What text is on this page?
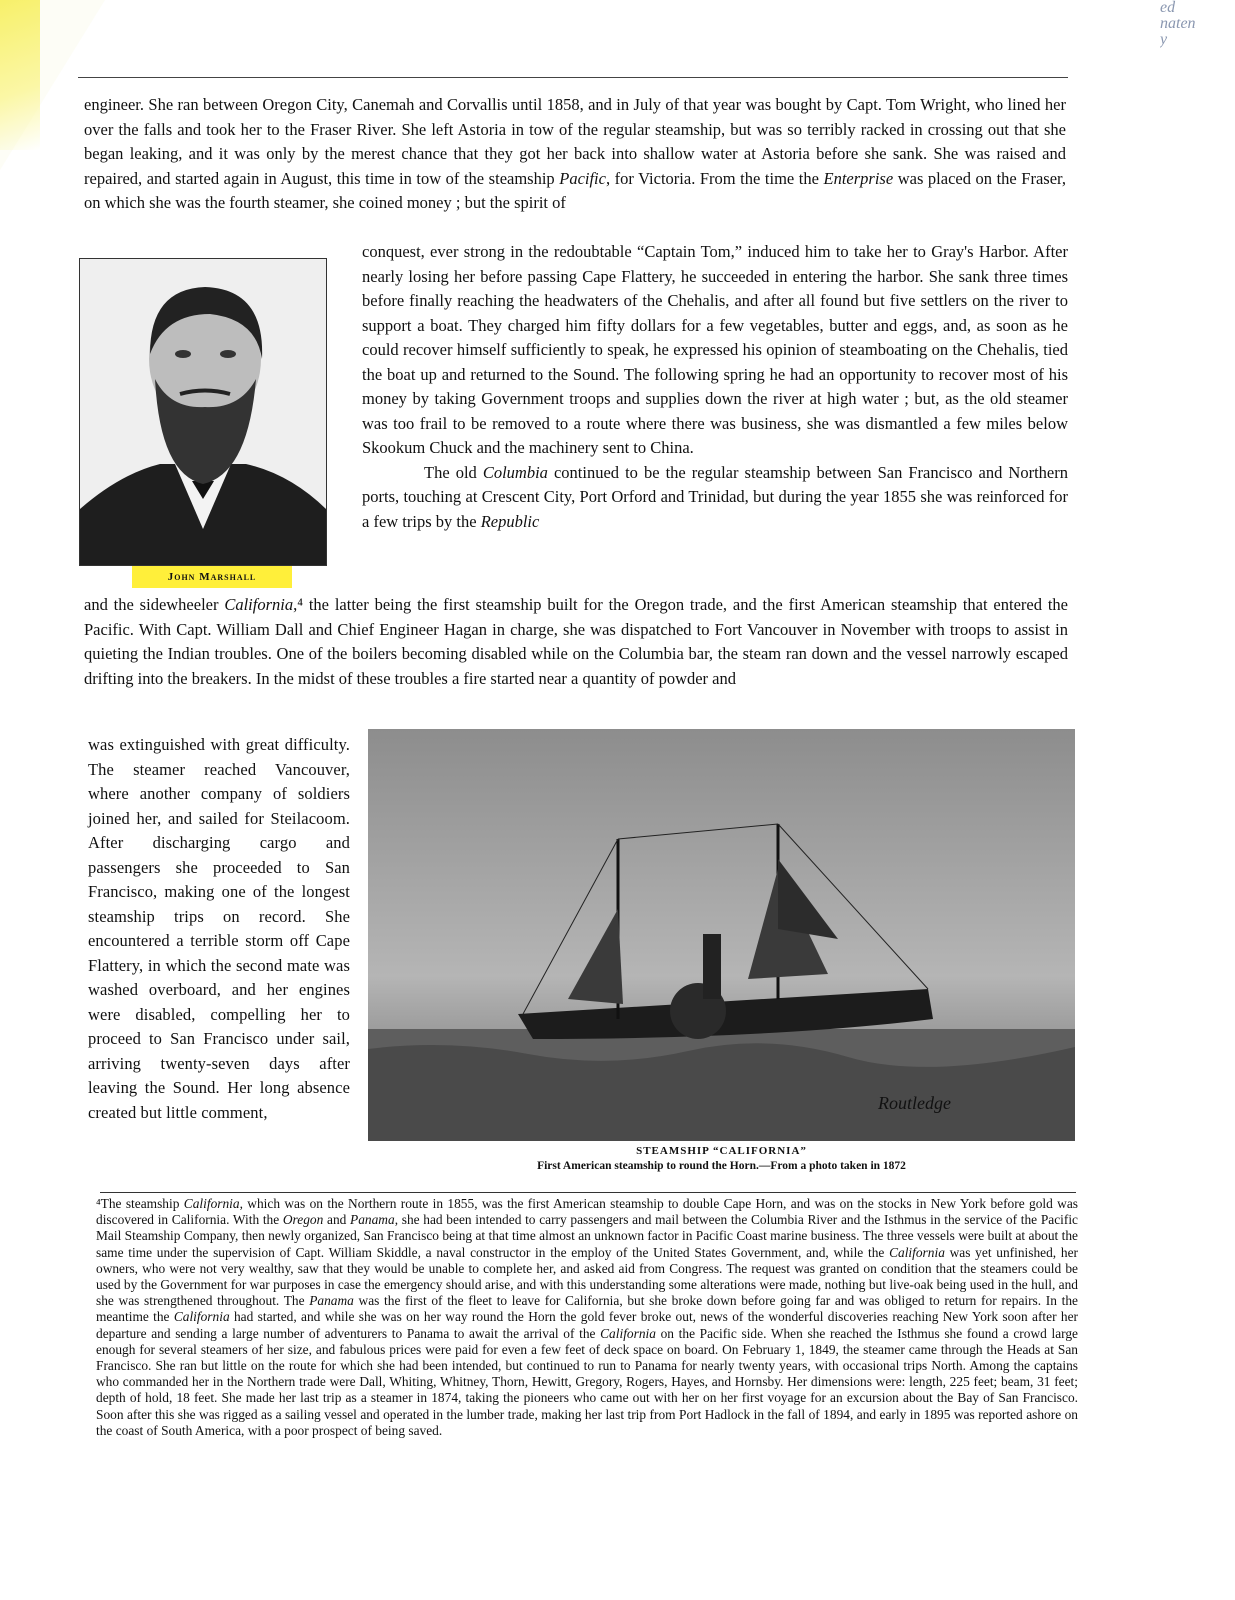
ed
naten
y

engineer. She ran between Oregon City, Canemah and Corvallis until 1858, and in July of that year was bought by Capt. Tom Wright, who lined her over the falls and took her to the Fraser River. She left Astoria in tow of the regular steamship, but was so terribly racked in crossing out that she began leaking, and it was only by the merest chance that they got her back into shallow water at Astoria before she sank. She was raised and repaired, and started again in August, this time in tow of the steamship Pacific, for Victoria. From the time the Enterprise was placed on the Fraser, on which she was the fourth steamer, she coined money ; but the spirit of

conquest, ever strong in the redoubtable “Captain Tom,” induced him to take her to Gray's Harbor. After nearly losing her before passing Cape Flattery, he succeeded in entering the harbor. She sank three times before finally reaching the headwaters of the Chehalis, and after all found but five settlers on the river to support a boat. They charged him fifty dollars for a few vegetables, butter and eggs, and, as soon as he could recover himself sufficiently to speak, he expressed his opinion of steamboating on the Chehalis, tied the boat up and returned to the Sound. The following spring he had an opportunity to recover most of his money by taking Government troops and supplies down the river at high water ; but, as the old steamer was too frail to be removed to a route where there was business, she was dismantled a few miles below Skookum Chuck and the machinery sent to China.
The old Columbia continued to be the regular steamship between San Francisco and Northern ports, touching at Crescent City, Port Orford and Trinidad, but during the year 1855 she was reinforced for a few trips by the Republic

and the sidewheeler California,⁴ the latter being the first steamship built for the Oregon trade, and the first American steamship that entered the Pacific. With Capt. William Dall and Chief Engineer Hagan in charge, she was dispatched to Fort Vancouver in November with troops to assist in quieting the Indian troubles. One of the boilers becoming disabled while on the Columbia bar, the steam ran down and the vessel narrowly escaped drifting into the breakers. In the midst of these troubles a fire started near a quantity of powder and

was extinguished with great difficulty. The steamer reached Vancouver, where another company of soldiers joined her, and sailed for Steilacoom. After discharging cargo and passengers she proceeded to San Francisco, making one of the longest steamship trips on record. She encountered a terrible storm off Cape Flattery, in which the second mate was washed overboard, and her engines were disabled, compelling her to proceed to San Francisco under sail, arriving twenty-seven days after leaving the Sound. Her long absence created but little comment,

John Marshall
Routledge
STEAMSHIP “CALIFORNIA”
First American steamship to round the Horn.—From a photo taken in 1872

⁴The steamship California, which was on the Northern route in 1855, was the first American steamship to double Cape Horn, and was on the stocks in New York before gold was discovered in California. With the Oregon and Panama, she had been intended to carry passengers and mail between the Columbia River and the Isthmus in the service of the Pacific Mail Steamship Company, then newly organized, San Francisco being at that time almost an unknown factor in Pacific Coast marine business. The three vessels were built at about the same time under the supervision of Capt. William Skiddle, a naval constructor in the employ of the United States Government, and, while the California was yet unfinished, her owners, who were not very wealthy, saw that they would be unable to complete her, and asked aid from Congress. The request was granted on condition that the steamers could be used by the Government for war purposes in case the emergency should arise, and with this understanding some alterations were made, nothing but live-oak being used in the hull, and she was strengthened throughout. The Panama was the first of the fleet to leave for California, but she broke down before going far and was obliged to return for repairs. In the meantime the California had started, and while she was on her way round the Horn the gold fever broke out, news of the wonderful discoveries reaching New York soon after her departure and sending a large number of adventurers to Panama to await the arrival of the California on the Pacific side. When she reached the Isthmus she found a crowd large enough for several steamers of her size, and fabulous prices were paid for even a few feet of deck space on board. On February 1, 1849, the steamer came through the Heads at San Francisco. She ran but little on the route for which she had been intended, but continued to run to Panama for nearly twenty years, with occasional trips North. Among the captains who commanded her in the Northern trade were Dall, Whiting, Whitney, Thorn, Hewitt, Gregory, Rogers, Hayes, and Hornsby. Her dimensions were: length, 225 feet; beam, 31 feet; depth of hold, 18 feet. She made her last trip as a steamer in 1874, taking the pioneers who came out with her on her first voyage for an excursion about the Bay of San Francisco. Soon after this she was rigged as a sailing vessel and operated in the lumber trade, making her last trip from Port Hadlock in the fall of 1894, and early in 1895 was reported ashore on the coast of South America, with a poor prospect of being saved.
